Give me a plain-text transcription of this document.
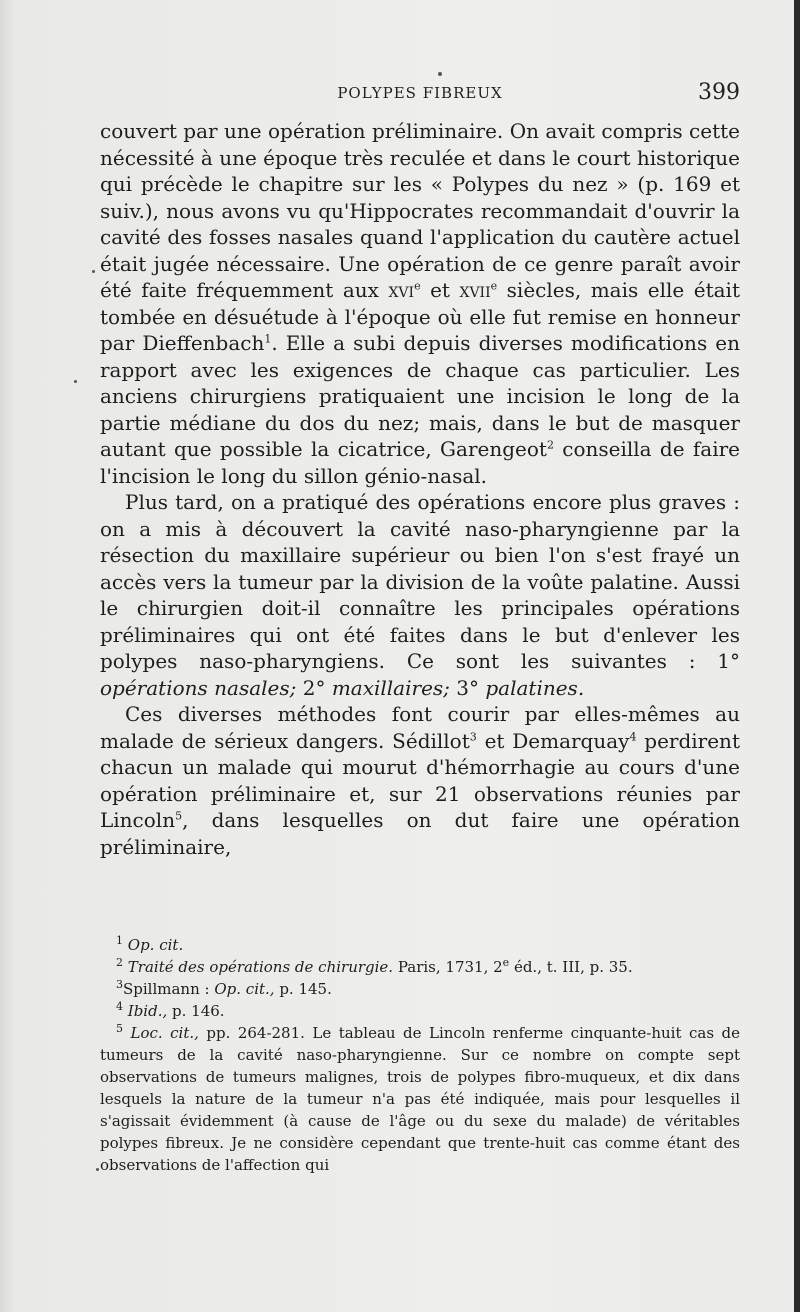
POLYPES FIBREUX	399

couvert par une opération préliminaire. On avait compris cette nécessité à une époque très reculée et dans le court historique qui précède le chapitre sur les « Polypes du nez » (p. 169 et suiv.), nous avons vu qu'Hippocrates recommandait d'ouvrir la cavité des fosses nasales quand l'application du cautère actuel était jugée nécessaire. Une opération de ce genre paraît avoir été faite fréquemment aux xvi$^e$ et xvii$^e$ siècles, mais elle était tombée en désuétude à l'époque où elle fut remise en honneur par Dieffenbach$^1$. Elle a subi depuis diverses modifications en rapport avec les exigences de chaque cas particulier. Les anciens chirurgiens pratiquaient une incision le long de la partie médiane du dos du nez; mais, dans le but de masquer autant que possible la cicatrice, Garengeot$^2$ conseilla de faire l'incision le long du sillon génio-nasal.

Plus tard, on a pratiqué des opérations encore plus graves : on a mis à découvert la cavité naso-pharyngienne par la résection du maxillaire supérieur ou bien l'on s'est frayé un accès vers la tumeur par la division de la voûte palatine. Aussi le chirurgien doit-il connaître les principales opérations préliminaires qui ont été faites dans le but d'enlever les polypes naso-pharyngiens. Ce sont les suivantes : 1° opérations nasales; 2° maxillaires; 3° palatines.

Ces diverses méthodes font courir par elles-mêmes au malade de sérieux dangers. Sédillot$^3$ et Demarquay$^4$ perdirent chacun un malade qui mourut d'hémorrhagie au cours d'une opération préliminaire et, sur 21 observations réunies par Lincoln$^5$, dans lesquelles on dut faire une opération préliminaire,

$^1$ Op. cit.

$^2$ Traité des opérations de chirurgie. Paris, 1731, 2e éd., t. III, p. 35.

$^3$Spillmann : Op. cit., p. 145.

$^4$ Ibid., p. 146.

$^5$ Loc. cit., pp. 264-281. Le tableau de Lincoln renferme cinquante-huit cas de tumeurs de la cavité naso-pharyngienne. Sur ce nombre on compte sept observations de tumeurs malignes, trois de polypes fibro-muqueux, et dix dans lesquels la nature de la tumeur n'a pas été indiquée, mais pour lesquelles il s'agissait évidemment (à cause de l'âge ou du sexe du malade) de véritables polypes fibreux. Je ne considère cependant que trente-huit cas comme étant des observations de l'affection qui
